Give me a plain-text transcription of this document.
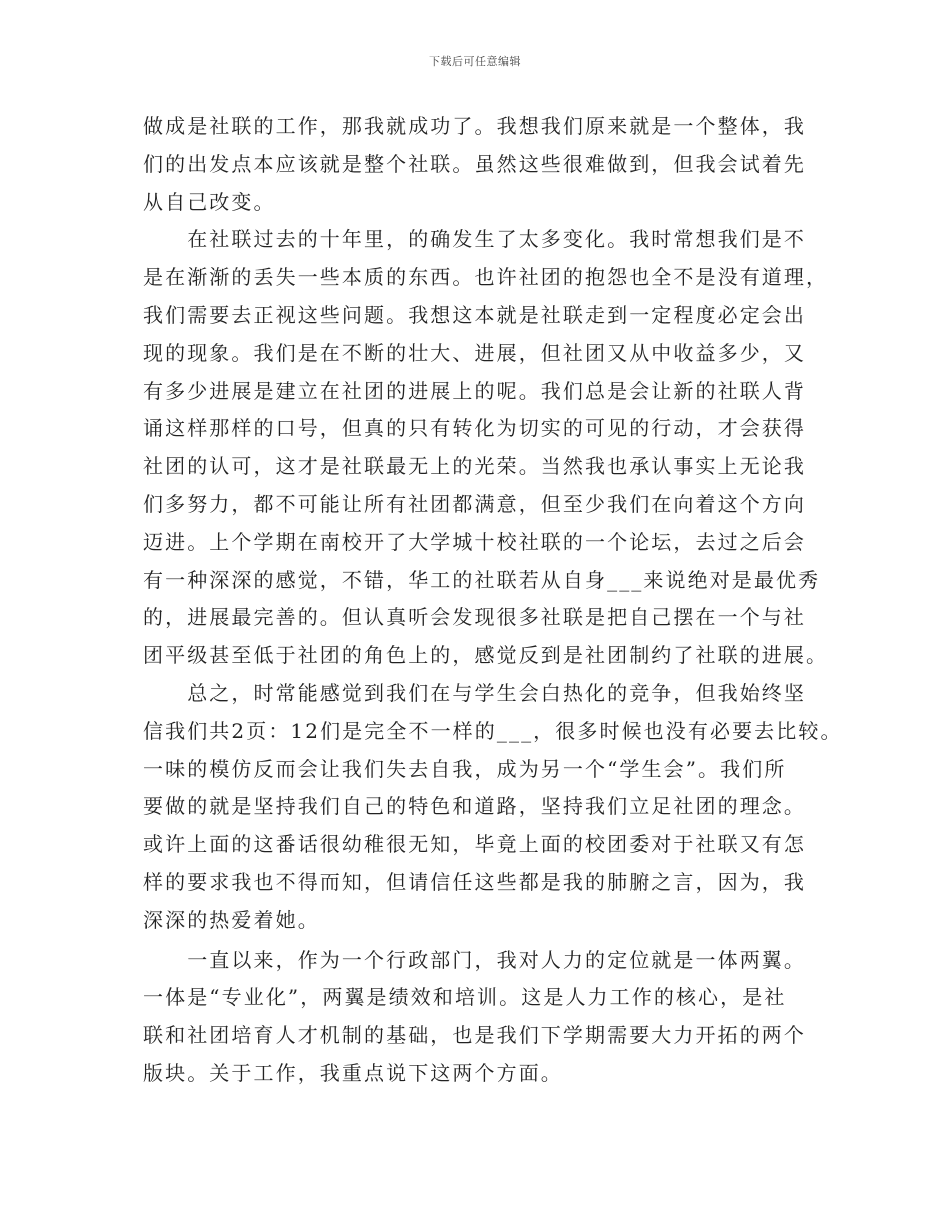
下载后可任意编辑
做成是社联的工作，那我就成功了。我想我们原来就是一个整体，我
们的出发点本应该就是整个社联。虽然这些很难做到，但我会试着先
从自己改变。
　　在社联过去的十年里，的确发生了太多变化。我时常想我们是不
是在渐渐的丢失一些本质的东西。也许社团的抱怨也全不是没有道理，
我们需要去正视这些问题。我想这本就是社联走到一定程度必定会出
现的现象。我们是在不断的壮大、进展，但社团又从中收益多少，又
有多少进展是建立在社团的进展上的呢。我们总是会让新的社联人背
诵这样那样的口号，但真的只有转化为切实的可见的行动，才会获得
社团的认可，这才是社联最无上的光荣。当然我也承认事实上无论我
们多努力，都不可能让所有社团都满意，但至少我们在向着这个方向
迈进。上个学期在南校开了大学城十校社联的一个论坛，去过之后会
有一种深深的感觉，不错，华工的社联若从自身___来说绝对是最优秀
的，进展最完善的。但认真听会发现很多社联是把自己摆在一个与社
团平级甚至低于社团的角色上的，感觉反到是社团制约了社联的进展。
　　总之，时常能感觉到我们在与学生会白热化的竞争，但我始终坚
信我们共2页：12们是完全不一样的___，很多时候也没有必要去比较。
一味的模仿反而会让我们失去自我，成为另一个“学生会”。我们所
要做的就是坚持我们自己的特色和道路，坚持我们立足社团的理念。
或许上面的这番话很幼稚很无知，毕竟上面的校团委对于社联又有怎
样的要求我也不得而知，但请信任这些都是我的肺腑之言，因为，我
深深的热爱着她。
　　一直以来，作为一个行政部门，我对人力的定位就是一体两翼。
一体是“专业化”，两翼是绩效和培训。这是人力工作的核心，是社
联和社团培育人才机制的基础，也是我们下学期需要大力开拓的两个
版块。关于工作，我重点说下这两个方面。
